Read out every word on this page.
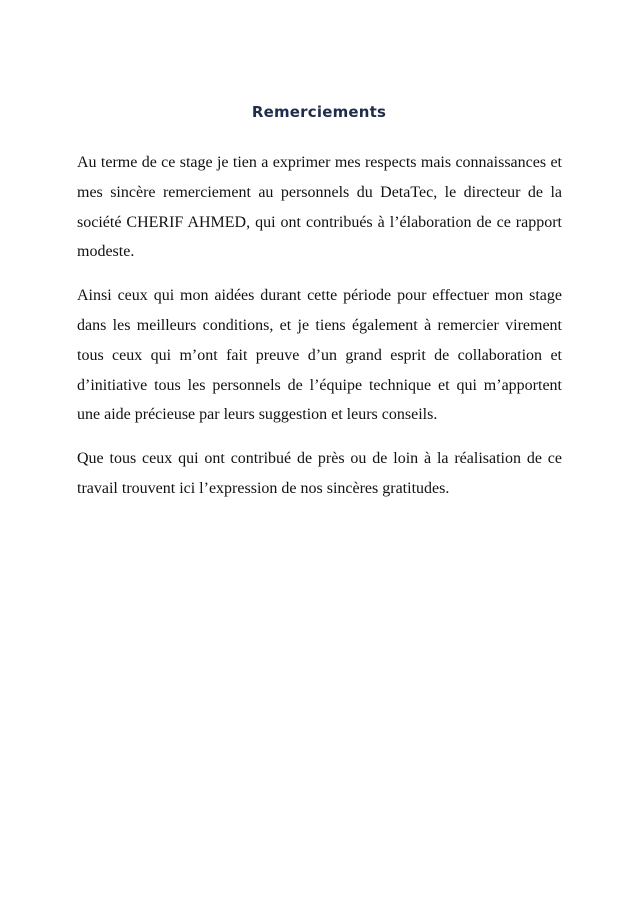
Remerciements

Au terme de ce stage je tien a exprimer mes respects mais connaissances et mes sincère remerciement au personnels du DetaTec, le directeur de la société CHERIF AHMED, qui ont contribués à l’élaboration de ce rapport modeste.

Ainsi ceux qui mon aidées durant cette période pour effectuer mon stage dans les meilleurs conditions, et je tiens également à remercier virement tous ceux qui m’ont fait preuve d’un grand esprit de collaboration et d’initiative tous les personnels de l’équipe technique et qui m’apportent une aide précieuse par leurs suggestion et leurs conseils.

Que tous ceux qui ont contribué de près ou de loin à la réalisation de ce travail trouvent ici l’expression de nos sincères gratitudes.
